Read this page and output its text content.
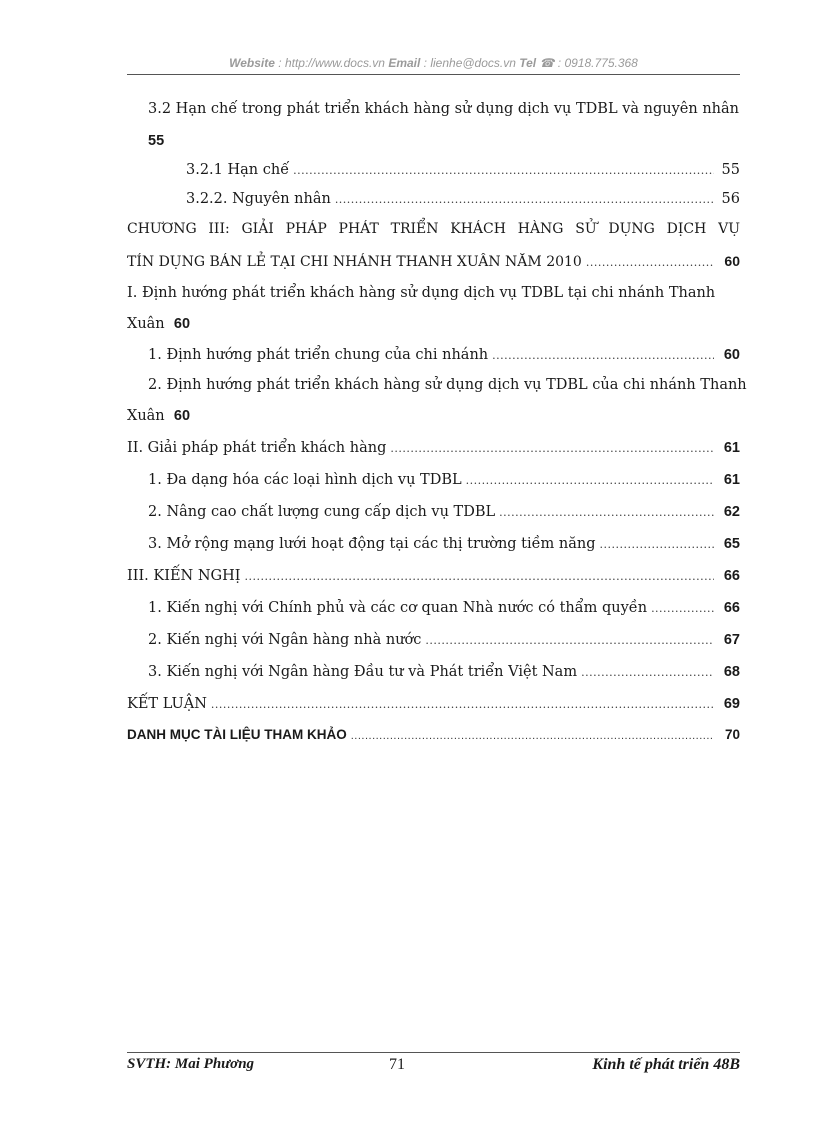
Website : http://www.docs.vn Email : lienhe@docs.vn Tel ☎ : 0918.775.368
3.2 Hạn chế trong phát triển khách hàng sử dụng dịch vụ TDBL và nguyên nhân
55
3.2.1 Hạn chế .....	55
3.2.2. Nguyên nhân .....	56
CHƯƠNG III: GIẢI PHÁP PHÁT TRIỂN KHÁCH HÀNG SỬ DỤNG DỊCH VỤ
TÍN DỤNG BÁN LẺ TẠI CHI NHÁNH THANH XUÂN NĂM 2010 .....	60
I. Định hướng phát triển khách hàng sử dụng dịch vụ TDBL tại chi nhánh Thanh
Xuân 60
1. Định hướng phát triển chung của chi nhánh .....	60
2. Định hướng phát triển khách hàng sử dụng dịch vụ TDBL của chi nhánh Thanh
Xuân 60
II. Giải pháp phát triển khách hàng .....	61
1. Đa dạng hóa các loại hình dịch vụ TDBL .....	61
2. Nâng cao chất lượng cung cấp dịch vụ TDBL .....	62
3. Mở rộng mạng lưới hoạt động tại các thị trường tiềm năng .....	65
III. KIẾN NGHỊ .....	66
1. Kiến nghị với Chính phủ và các cơ quan Nhà nước có thẩm quyền .....	66
2. Kiến nghị với Ngân hàng nhà nước .....	67
3. Kiến nghị với Ngân hàng Đầu tư và Phát triển Việt Nam .....	68
KẾT LUẬN .....	69
DANH MỤC TÀI LIỆU THAM KHẢO .....	70
SVTH: Mai Phương	71	Kinh tế phát triển 48B
